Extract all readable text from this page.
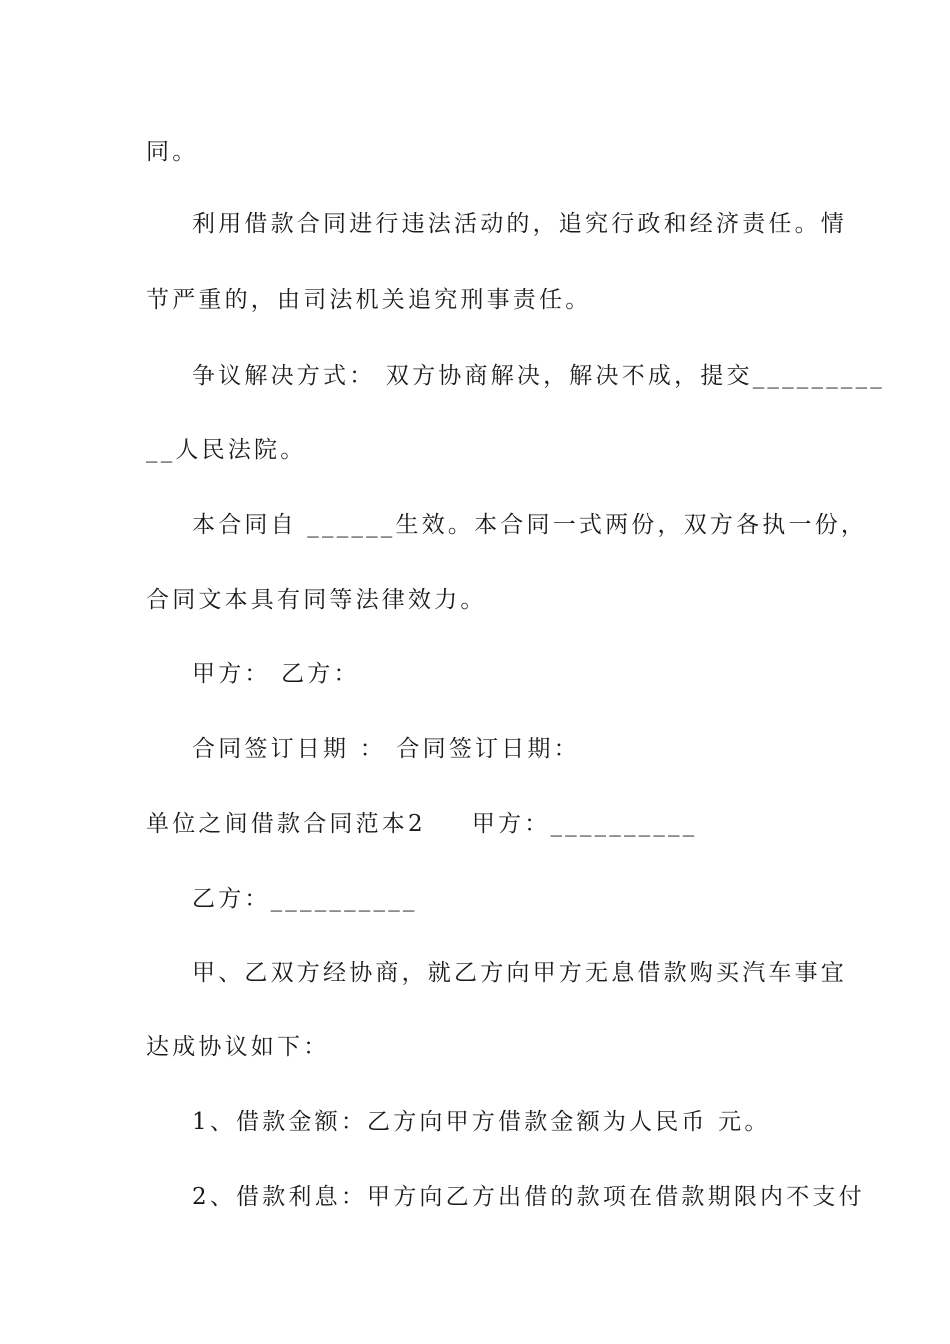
同。
利用借款合同进行违法活动的，追究行政和经济责任。情
节严重的，由司法机关追究刑事责任。
争议解决方式： 双方协商解决，解决不成，提交_________
__人民法院。
本合同自 ______生效。本合同一式两份，双方各执一份，
合同文本具有同等法律效力。
甲方： 乙方：
合同签订日期 ： 合同签订日期：
单位之间借款合同范本2 甲方：__________
乙方：__________
甲、乙双方经协商，就乙方向甲方无息借款购买汽车事宜
达成协议如下：
1、借款金额：乙方向甲方借款金额为人民币 元。
2、借款利息：甲方向乙方出借的款项在借款期限内不支付
